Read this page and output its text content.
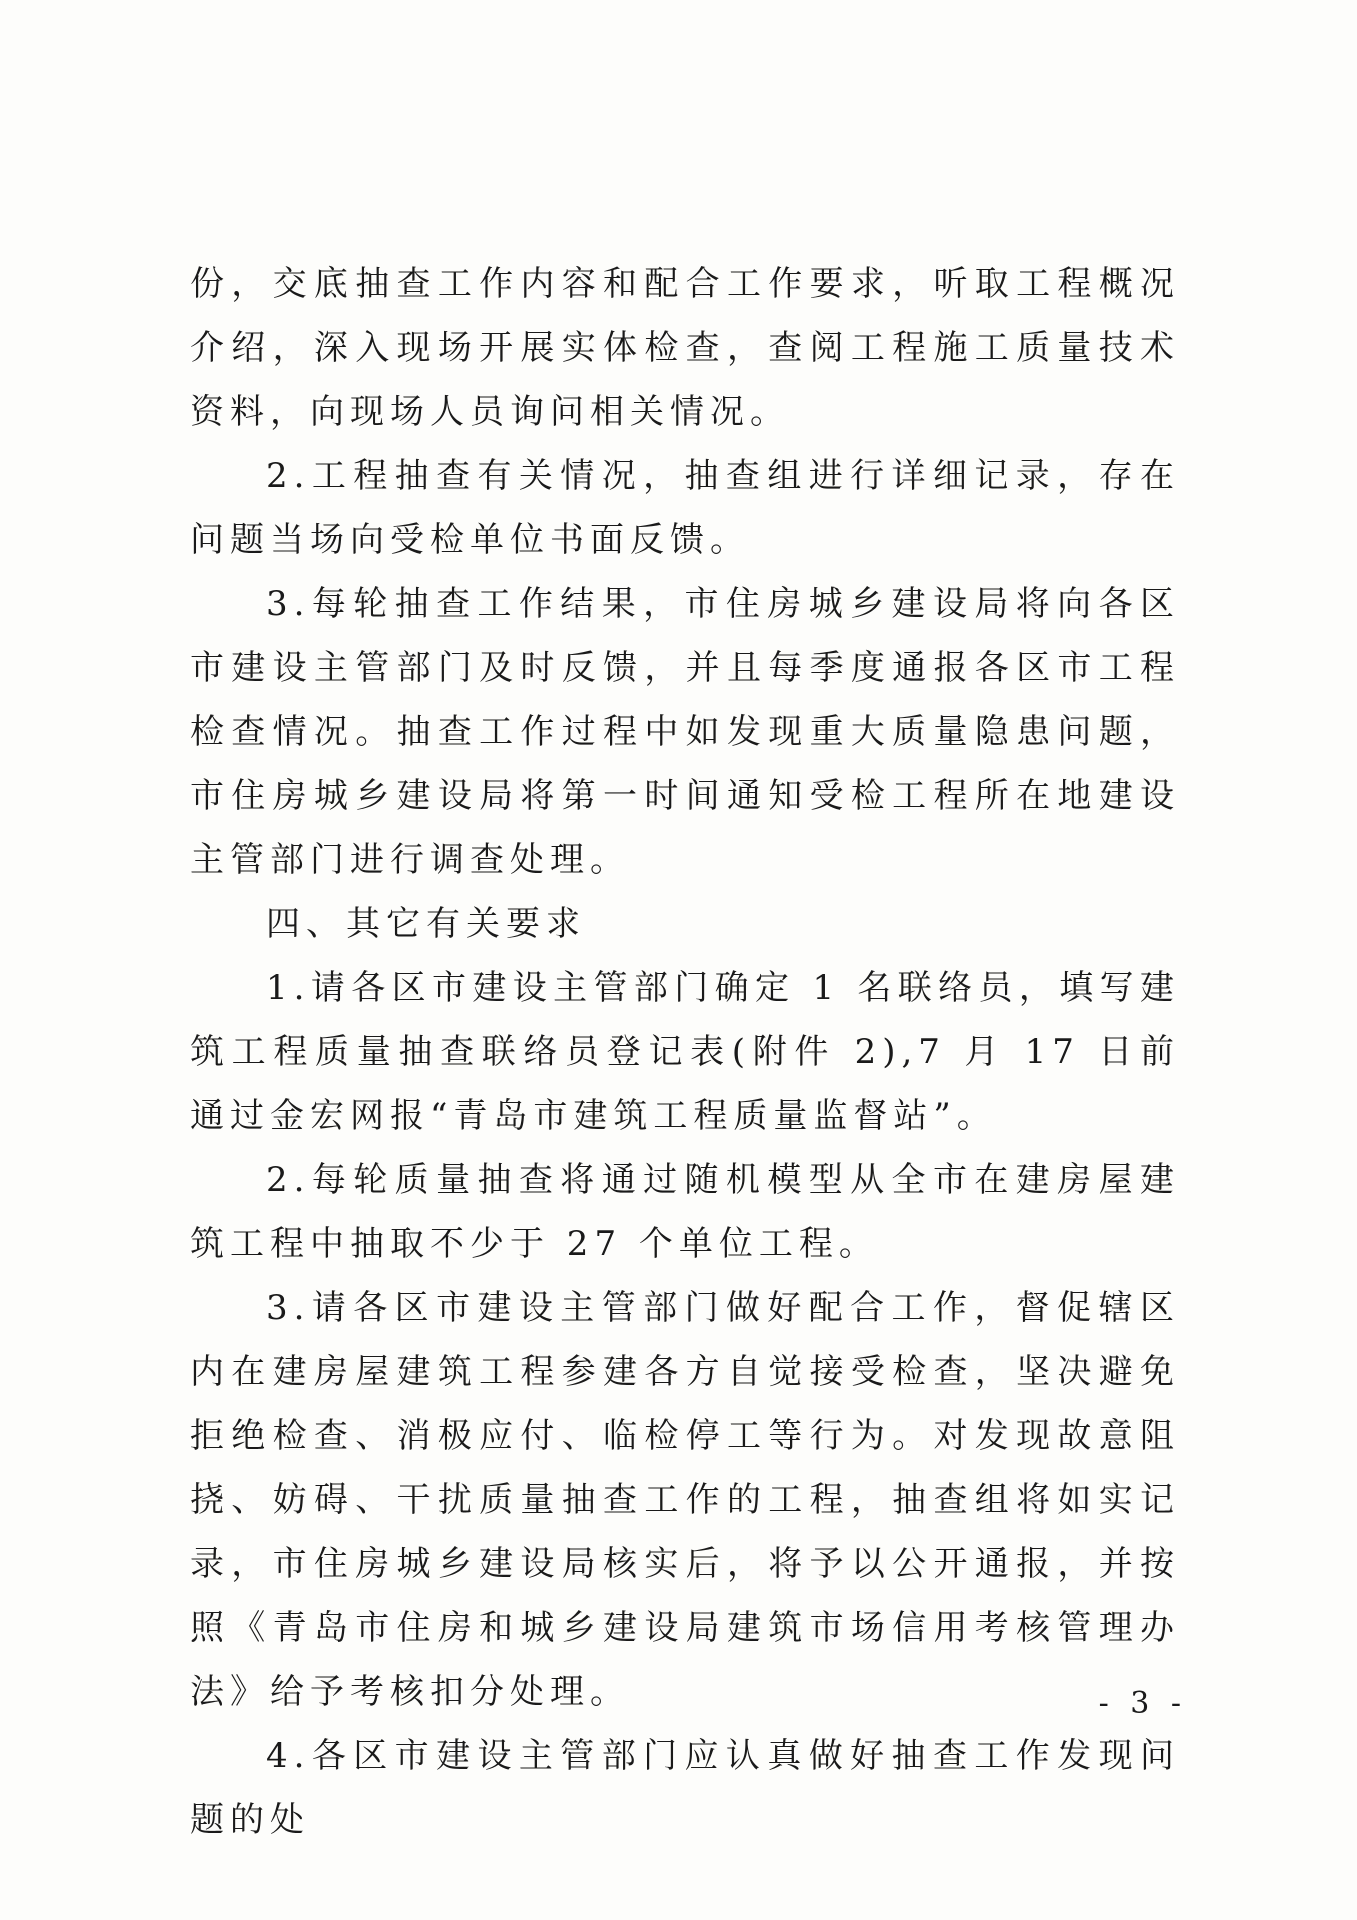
份，交底抽查工作内容和配合工作要求，听取工程概况介绍，深入现场开展实体检查，查阅工程施工质量技术资料，向现场人员询问相关情况。

2.工程抽查有关情况，抽查组进行详细记录，存在问题当场向受检单位书面反馈。

3.每轮抽查工作结果，市住房城乡建设局将向各区市建设主管部门及时反馈，并且每季度通报各区市工程检查情况。抽查工作过程中如发现重大质量隐患问题，市住房城乡建设局将第一时间通知受检工程所在地建设主管部门进行调查处理。

四、其它有关要求

1.请各区市建设主管部门确定 1 名联络员，填写建筑工程质量抽查联络员登记表(附件 2),7 月 17 日前通过金宏网报“青岛市建筑工程质量监督站”。

2.每轮质量抽查将通过随机模型从全市在建房屋建筑工程中抽取不少于 27 个单位工程。

3.请各区市建设主管部门做好配合工作，督促辖区内在建房屋建筑工程参建各方自觉接受检查，坚决避免拒绝检查、消极应付、临检停工等行为。对发现故意阻挠、妨碍、干扰质量抽查工作的工程，抽查组将如实记录，市住房城乡建设局核实后，将予以公开通报，并按照《青岛市住房和城乡建设局建筑市场信用考核管理办法》给予考核扣分处理。

4.各区市建设主管部门应认真做好抽查工作发现问题的处

- 3 -
